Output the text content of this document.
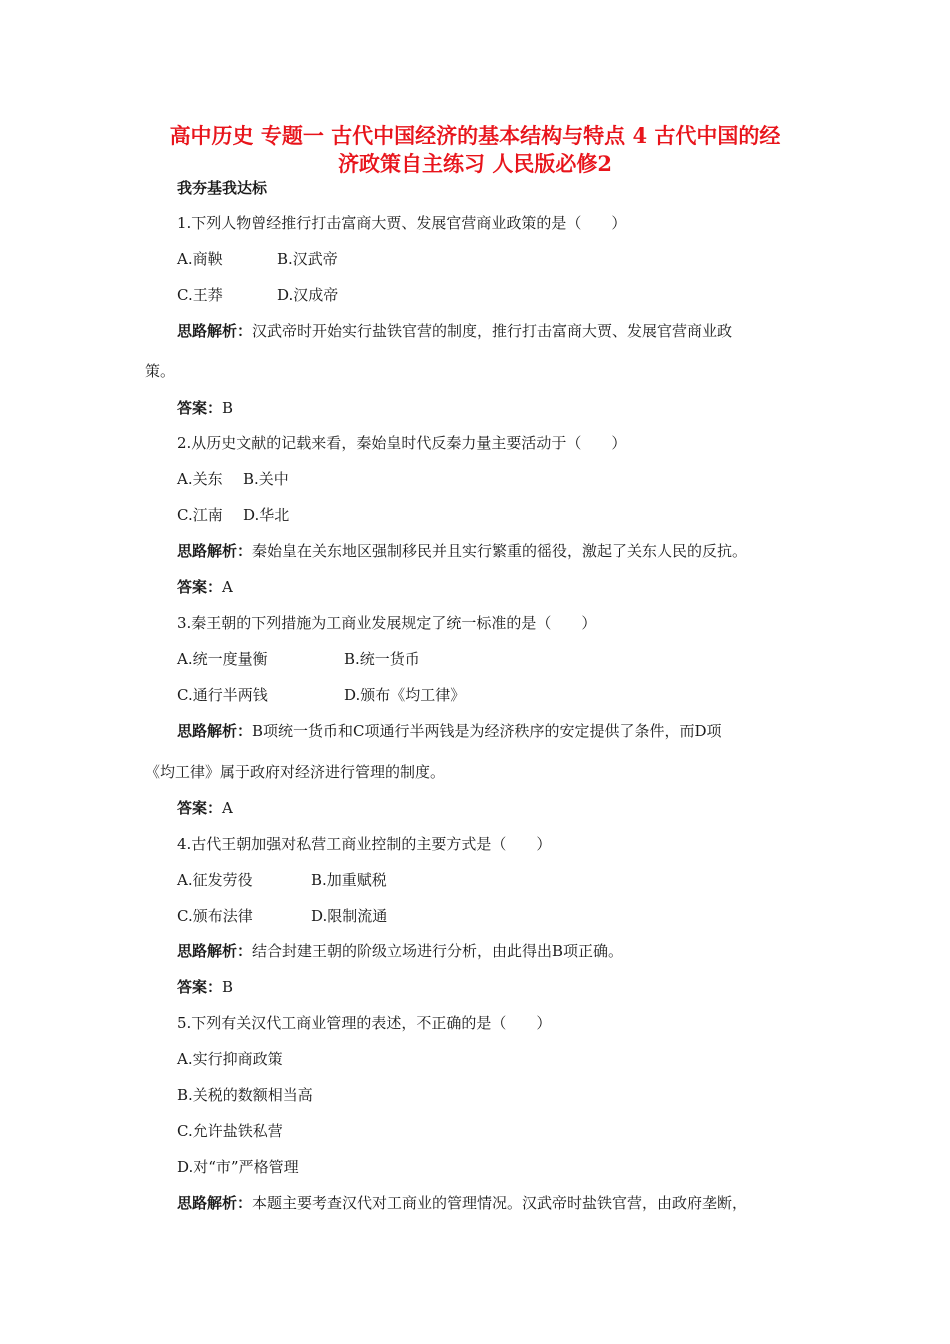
高中历史 专题一 古代中国经济的基本结构与特点 4 古代中国的经
济政策自主练习 人民版必修2
我夯基我达标
1.下列人物曾经推行打击富商大贾、发展官营商业政策的是（　　）
A.商鞅	B.汉武帝
C.王莽	D.汉成帝
思路解析：汉武帝时开始实行盐铁官营的制度，推行打击富商大贾、发展官营商业政
策。
答案：B
2.从历史文献的记载来看，秦始皇时代反秦力量主要活动于（　　）
A.关东 B.关中
C.江南 D.华北
思路解析：秦始皇在关东地区强制移民并且实行繁重的徭役，激起了关东人民的反抗。
答案：A
3.秦王朝的下列措施为工商业发展规定了统一标准的是（　　）
A.统一度量衡	B.统一货币
C.通行半两钱	D.颁布《均工律》
思路解析：B项统一货币和C项通行半两钱是为经济秩序的安定提供了条件，而D项
《均工律》属于政府对经济进行管理的制度。
答案：A
4.古代王朝加强对私营工商业控制的主要方式是（　　）
A.征发劳役	B.加重赋税
C.颁布法律	D.限制流通
思路解析：结合封建王朝的阶级立场进行分析，由此得出B项正确。
答案：B
5.下列有关汉代工商业管理的表述，不正确的是（　　）
A.实行抑商政策
B.关税的数额相当高
C.允许盐铁私营
D.对“市”严格管理
思路解析：本题主要考查汉代对工商业的管理情况。汉武帝时盐铁官营，由政府垄断，
